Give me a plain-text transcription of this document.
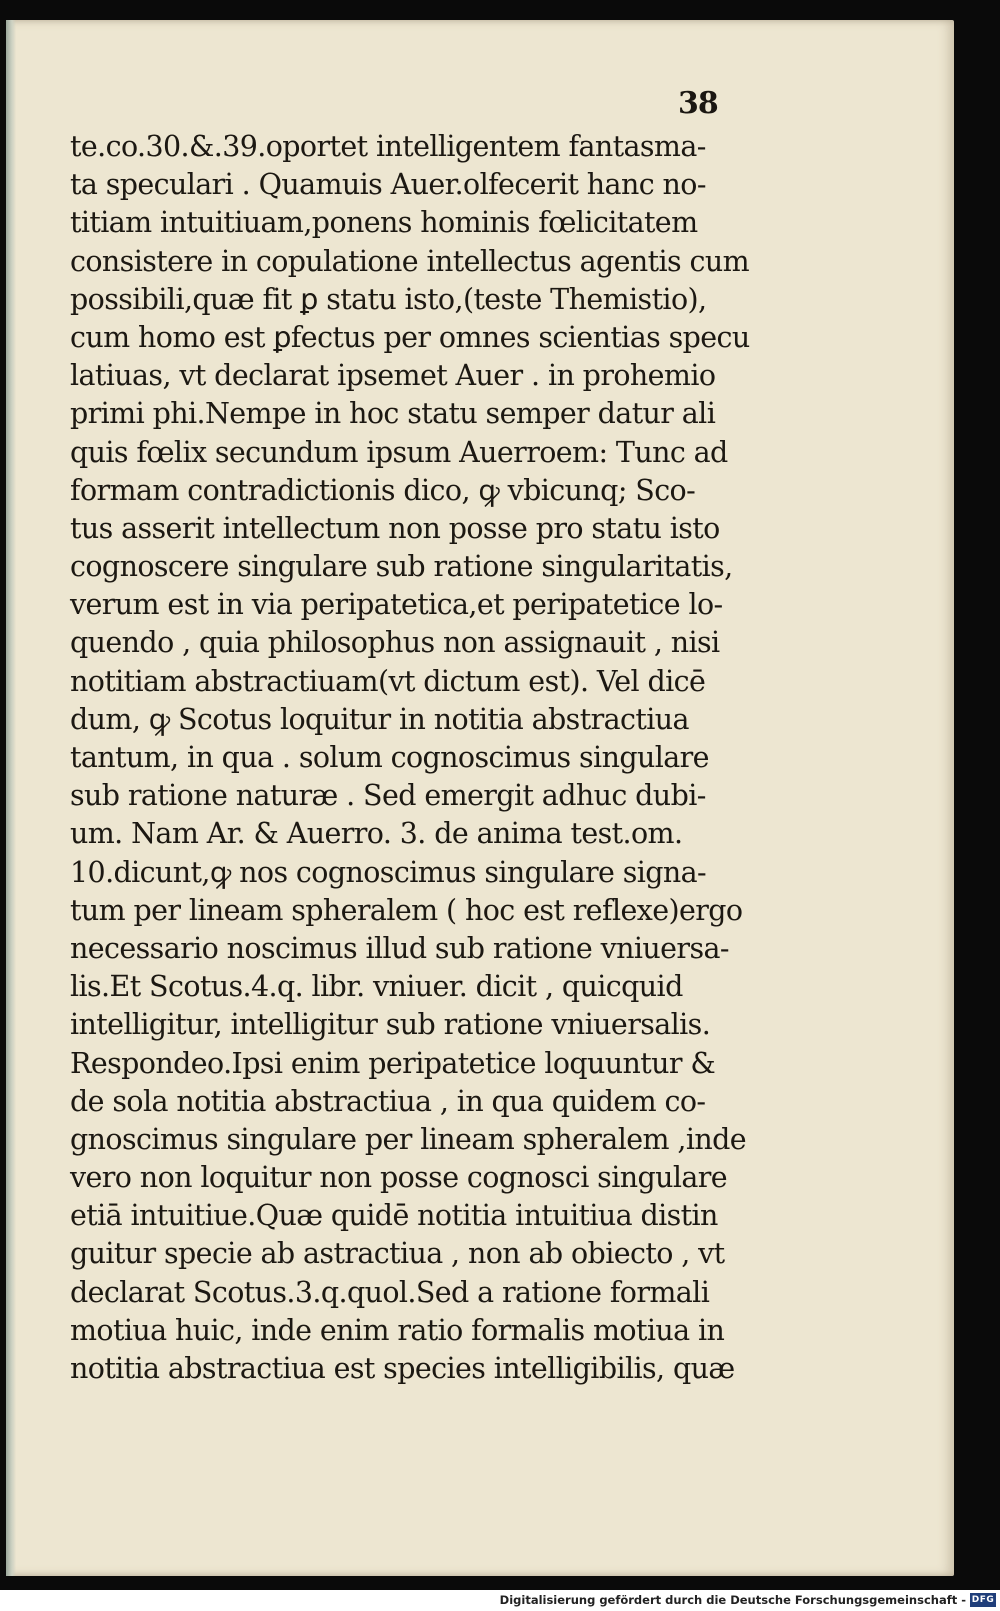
38
te.co.30.&.39.oportet intelligentem fantasma-
ta speculari . Quamuis Auer.olfecerit hanc no-
titiam intuitiuam,ponens hominis fœlicitatem
consistere in copulatione intellectus agentis cum
possibili,quæ fit ꝑ statu isto,(teste Themistio),
cum homo est ꝑfectus per omnes scientias specu
latiuas, vt declarat ipsemet Auer . in prohemio
primi phi.Nempe in hoc statu semper datur ali
quis fœlix secundum ipsum Auerroem: Tunc ad
formam contradictionis dico, ꝙ vbicunq; Sco-
tus asserit intellectum non posse pro statu isto
cognoscere singulare sub ratione singularitatis,
verum est in via peripatetica,et peripatetice lo-
quendo , quia philosophus non assignauit , nisi
notitiam abstractiuam(vt dictum est). Vel dicē
dum, ꝙ Scotus loquitur in notitia abstractiua
tantum, in qua . solum cognoscimus singulare
sub ratione naturæ . Sed emergit adhuc dubi-
um. Nam Ar. & Auerro. 3. de anima test.om.
10.dicunt,ꝙ nos cognoscimus singulare signa-
tum per lineam spheralem ( hoc est reflexe)ergo
necessario noscimus illud sub ratione vniuersa-
lis.Et Scotus.4.q. libr. vniuer. dicit , quicquid
intelligitur, intelligitur sub ratione vniuersalis.
Respondeo.Ipsi enim peripatetice loquuntur &
de sola notitia abstractiua , in qua quidem co-
gnoscimus singulare per lineam spheralem ,inde
vero non loquitur non posse cognosci singulare
etiā intuitiue.Quæ quidē notitia intuitiua distin
guitur specie ab astractiua , non ab obiecto , vt
declarat Scotus.3.q.quol.Sed a ratione formali
motiua huic, inde enim ratio formalis motiua in
notitia abstractiua est species intelligibilis, quæ
Digitalisierung gefördert durch die Deutsche Forschungsgemeinschaft - DFG
